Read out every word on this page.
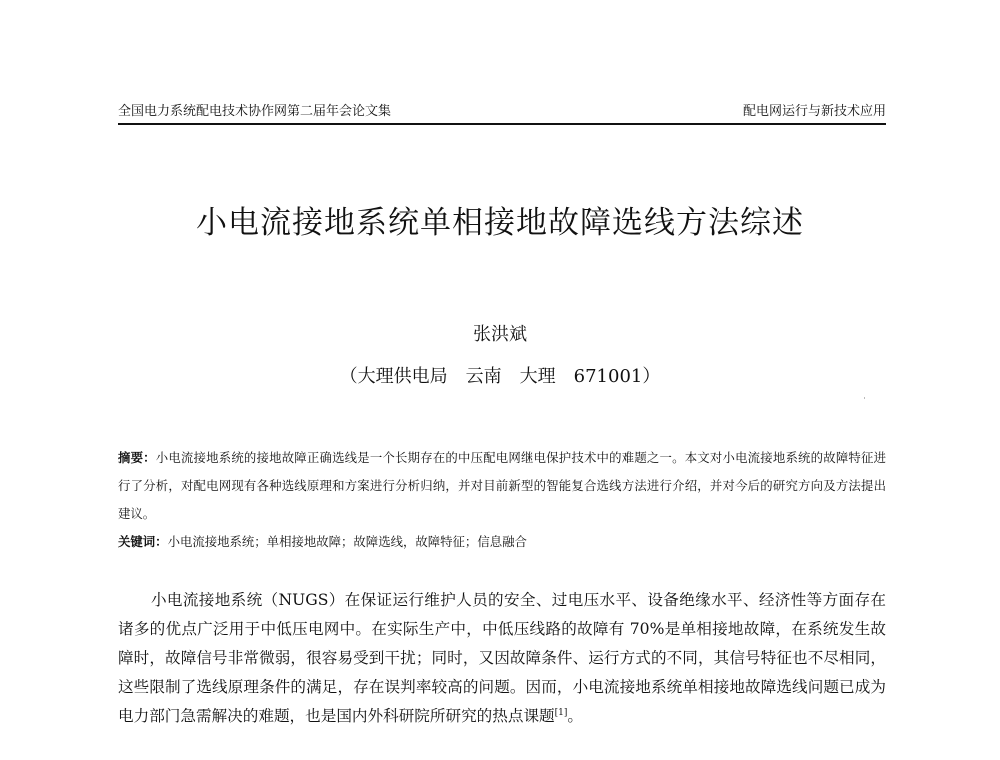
全国电力系统配电技术协作网第二届年会论文集	配电网运行与新技术应用
小电流接地系统单相接地故障选线方法综述
张洪斌
（大理供电局　云南　大理　671001）
摘要：小电流接地系统的接地故障正确选线是一个长期存在的中压配电网继电保护技术中的难题之一。本文对小电流接地系统的故障特征进行了分析，对配电网现有各种选线原理和方案进行分析归纳，并对目前新型的智能复合选线方法进行介绍，并对今后的研究方向及方法提出建议。
关键词：小电流接地系统；单相接地故障；故障选线，故障特征；信息融合

小电流接地系统（NUGS）在保证运行维护人员的安全、过电压水平、设备绝缘水平、经济性等方面存在诸多的优点广泛用于中低压电网中。在实际生产中，中低压线路的故障有 70%是单相接地故障，在系统发生故障时，故障信号非常微弱，很容易受到干扰；同时，又因故障条件、运行方式的不同，其信号特征也不尽相同，这些限制了选线原理条件的满足，存在误判率较高的问题。因而，小电流接地系统单相接地故障选线问题已成为电力部门急需解决的难题，也是国内外科研院所研究的热点课题[1]。
